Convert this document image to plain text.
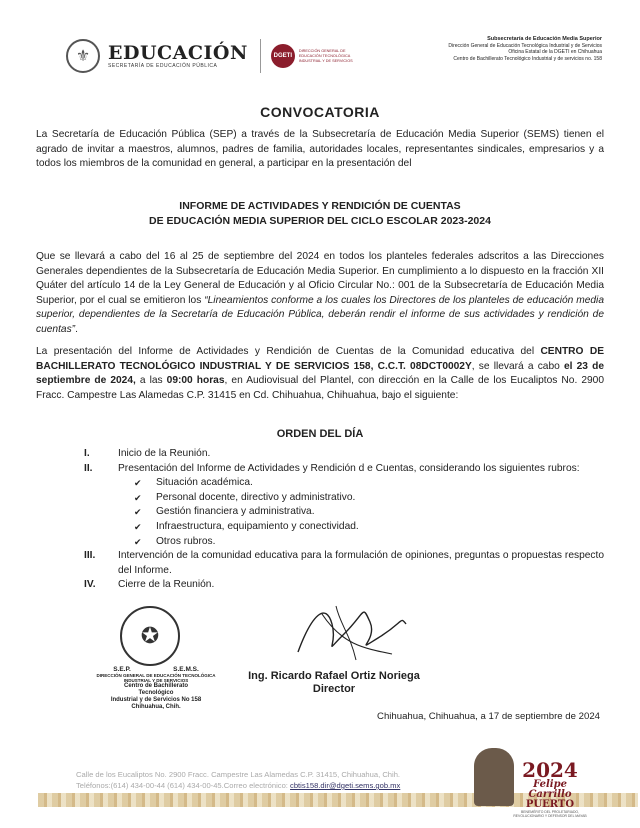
⚜ EDUCACIÓN
SECRETARÍA DE EDUCACIÓN PÚBLICA
DGETI
DIRECCIÓN GENERAL DE EDUCACIÓN TECNOLÓGICA INDUSTRIAL Y DE SERVICIOS
Subsecretaría de Educación Media Superior
Dirección General de Educación Tecnológica Industrial y de Servicios
Oficina Estatal de la DGETI en Chihuahua
Centro de Bachillerato Tecnológico Industrial y de servicios no. 158
CONVOCATORIA
La Secretaría de Educación Pública (SEP) a través de la Subsecretaría de Educación Media Superior (SEMS) tienen el agrado de invitar a maestros, alumnos, padres de familia, autoridades locales, representantes sindicales, empresarios y a todos los miembros de la comunidad en general, a participar en la presentación del
INFORME DE ACTIVIDADES Y RENDICIÓN DE CUENTAS
DE EDUCACIÓN MEDIA SUPERIOR DEL CICLO ESCOLAR 2023-2024
Que se llevará a cabo del 16 al 25 de septiembre del 2024 en todos los planteles federales adscritos a las Direcciones Generales dependientes de la Subsecretaría de Educación Media Superior. En cumplimiento a lo dispuesto en la fracción XII Quáter del artículo 14 de la Ley General de Educación y al Oficio Circular No.: 001 de la Subsecretaría de Educación Media Superior, por el cual se emitieron los “Lineamientos conforme a los cuales los Directores de los planteles de educación media superior, dependientes de la Secretaría de Educación Pública, deberán rendir el informe de sus actividades y rendición de cuentas”.
La presentación del Informe de Actividades y Rendición de Cuentas de la Comunidad educativa del CENTRO DE BACHILLERATO TECNOLÓGICO INDUSTRIAL Y DE SERVICIOS 158, C.C.T. 08DCT0002Y, se llevará a cabo el 23 de septiembre de 2024, a las 09:00 horas, en Audiovisual del Plantel, con dirección en la Calle de los Eucaliptos No. 2900 Fracc. Campestre Las Alamedas C.P. 31415 en Cd. Chihuahua, Chihuahua, bajo el siguiente:
ORDEN DEL DÍA
I.	Inicio de la Reunión.
II.	Presentación del Informe de Actividades y Rendición d e Cuentas, considerando los siguientes rubros:
✔	Situación académica.
✔	Personal docente, directivo y administrativo.
✔	Gestión financiera y administrativa.
✔	Infraestructura, equipamiento y conectividad.
✔	Otros rubros.
III.	Intervención de la comunidad educativa para la formulación de opiniones, preguntas o propuestas respecto del Informe.
IV.	Cierre de la Reunión.
✪
S.E.P.	S.E.M.S.
DIRECCIÓN GENERAL DE EDUCACIÓN TECNOLÓGICA INDUSTRIAL Y DE SERVICIOS
Centro de Bachillerato
Tecnológico
Industrial y de Servicios No 158
Chihuahua, Chih.
Ing. Ricardo Rafael Ortiz Noriega
Director
Chihuahua, Chihuahua, a 17 de septiembre de 2024
Calle de los Eucaliptos No. 2900 Fracc. Campestre Las Alamedas C.P. 31415, Chihuahua, Chih.
Teléfonos:(614) 434-00-44 (614) 434-00-45.Correo electrónico: cbtis158.dir@dgeti.sems.gob.mx
2024
Felipe Carrillo
PUERTO
BENEMÉRITO DEL PROLETARIADO, REVOLUCIONARIO Y DEFENSOR DEL MAYAB
